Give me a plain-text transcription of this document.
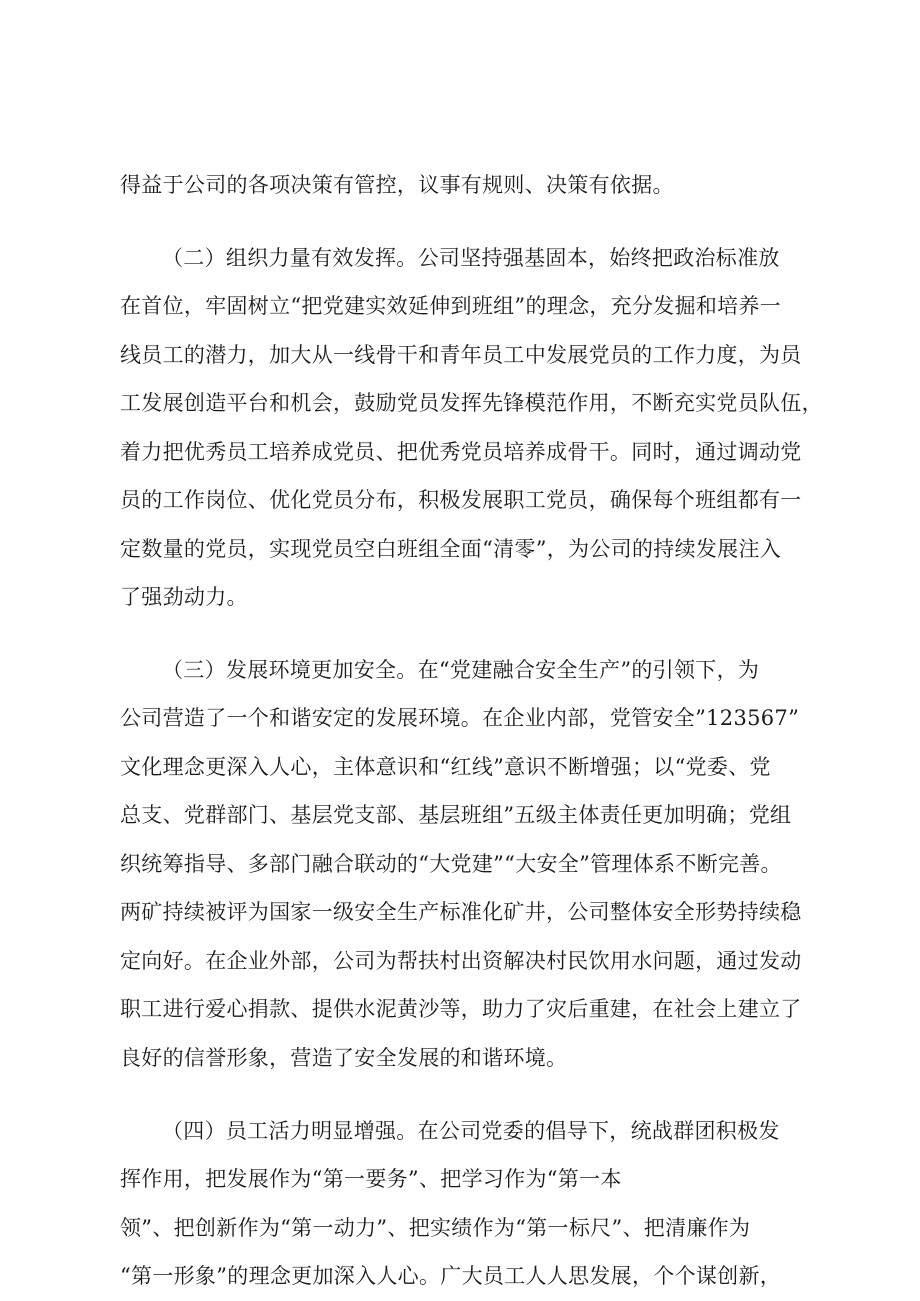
得益于公司的各项决策有管控，议事有规则、决策有依据。
（二）组织力量有效发挥。公司坚持强基固本，始终把政治标准放
在首位，牢固树立“把党建实效延伸到班组”的理念，充分发掘和培养一
线员工的潜力，加大从一线骨干和青年员工中发展党员的工作力度，为员
工发展创造平台和机会，鼓励党员发挥先锋模范作用，不断充实党员队伍，
着力把优秀员工培养成党员、把优秀党员培养成骨干。同时，通过调动党
员的工作岗位、优化党员分布，积极发展职工党员，确保每个班组都有一
定数量的党员，实现党员空白班组全面“清零”，为公司的持续发展注入
了强劲动力。
（三）发展环境更加安全。在“党建融合安全生产”的引领下，为
公司营造了一个和谐安定的发展环境。在企业内部，党管安全”123567”
文化理念更深入人心，主体意识和“红线”意识不断增强；以“党委、党
总支、党群部门、基层党支部、基层班组”五级主体责任更加明确；党组
织统筹指导、多部门融合联动的“大党建”“大安全”管理体系不断完善。
两矿持续被评为国家一级安全生产标准化矿井，公司整体安全形势持续稳
定向好。在企业外部，公司为帮扶村出资解决村民饮用水问题，通过发动
职工进行爱心捐款、提供水泥黄沙等，助力了灾后重建，在社会上建立了
良好的信誉形象，营造了安全发展的和谐环境。
（四）员工活力明显增强。在公司党委的倡导下，统战群团积极发
挥作用，把发展作为“第一要务”、把学习作为“第一本
领”、把创新作为“第一动力”、把实绩作为“第一标尺”、把清廉作为
“第一形象”的理念更加深入人心。广大员工人人思发展，个个谋创新，
